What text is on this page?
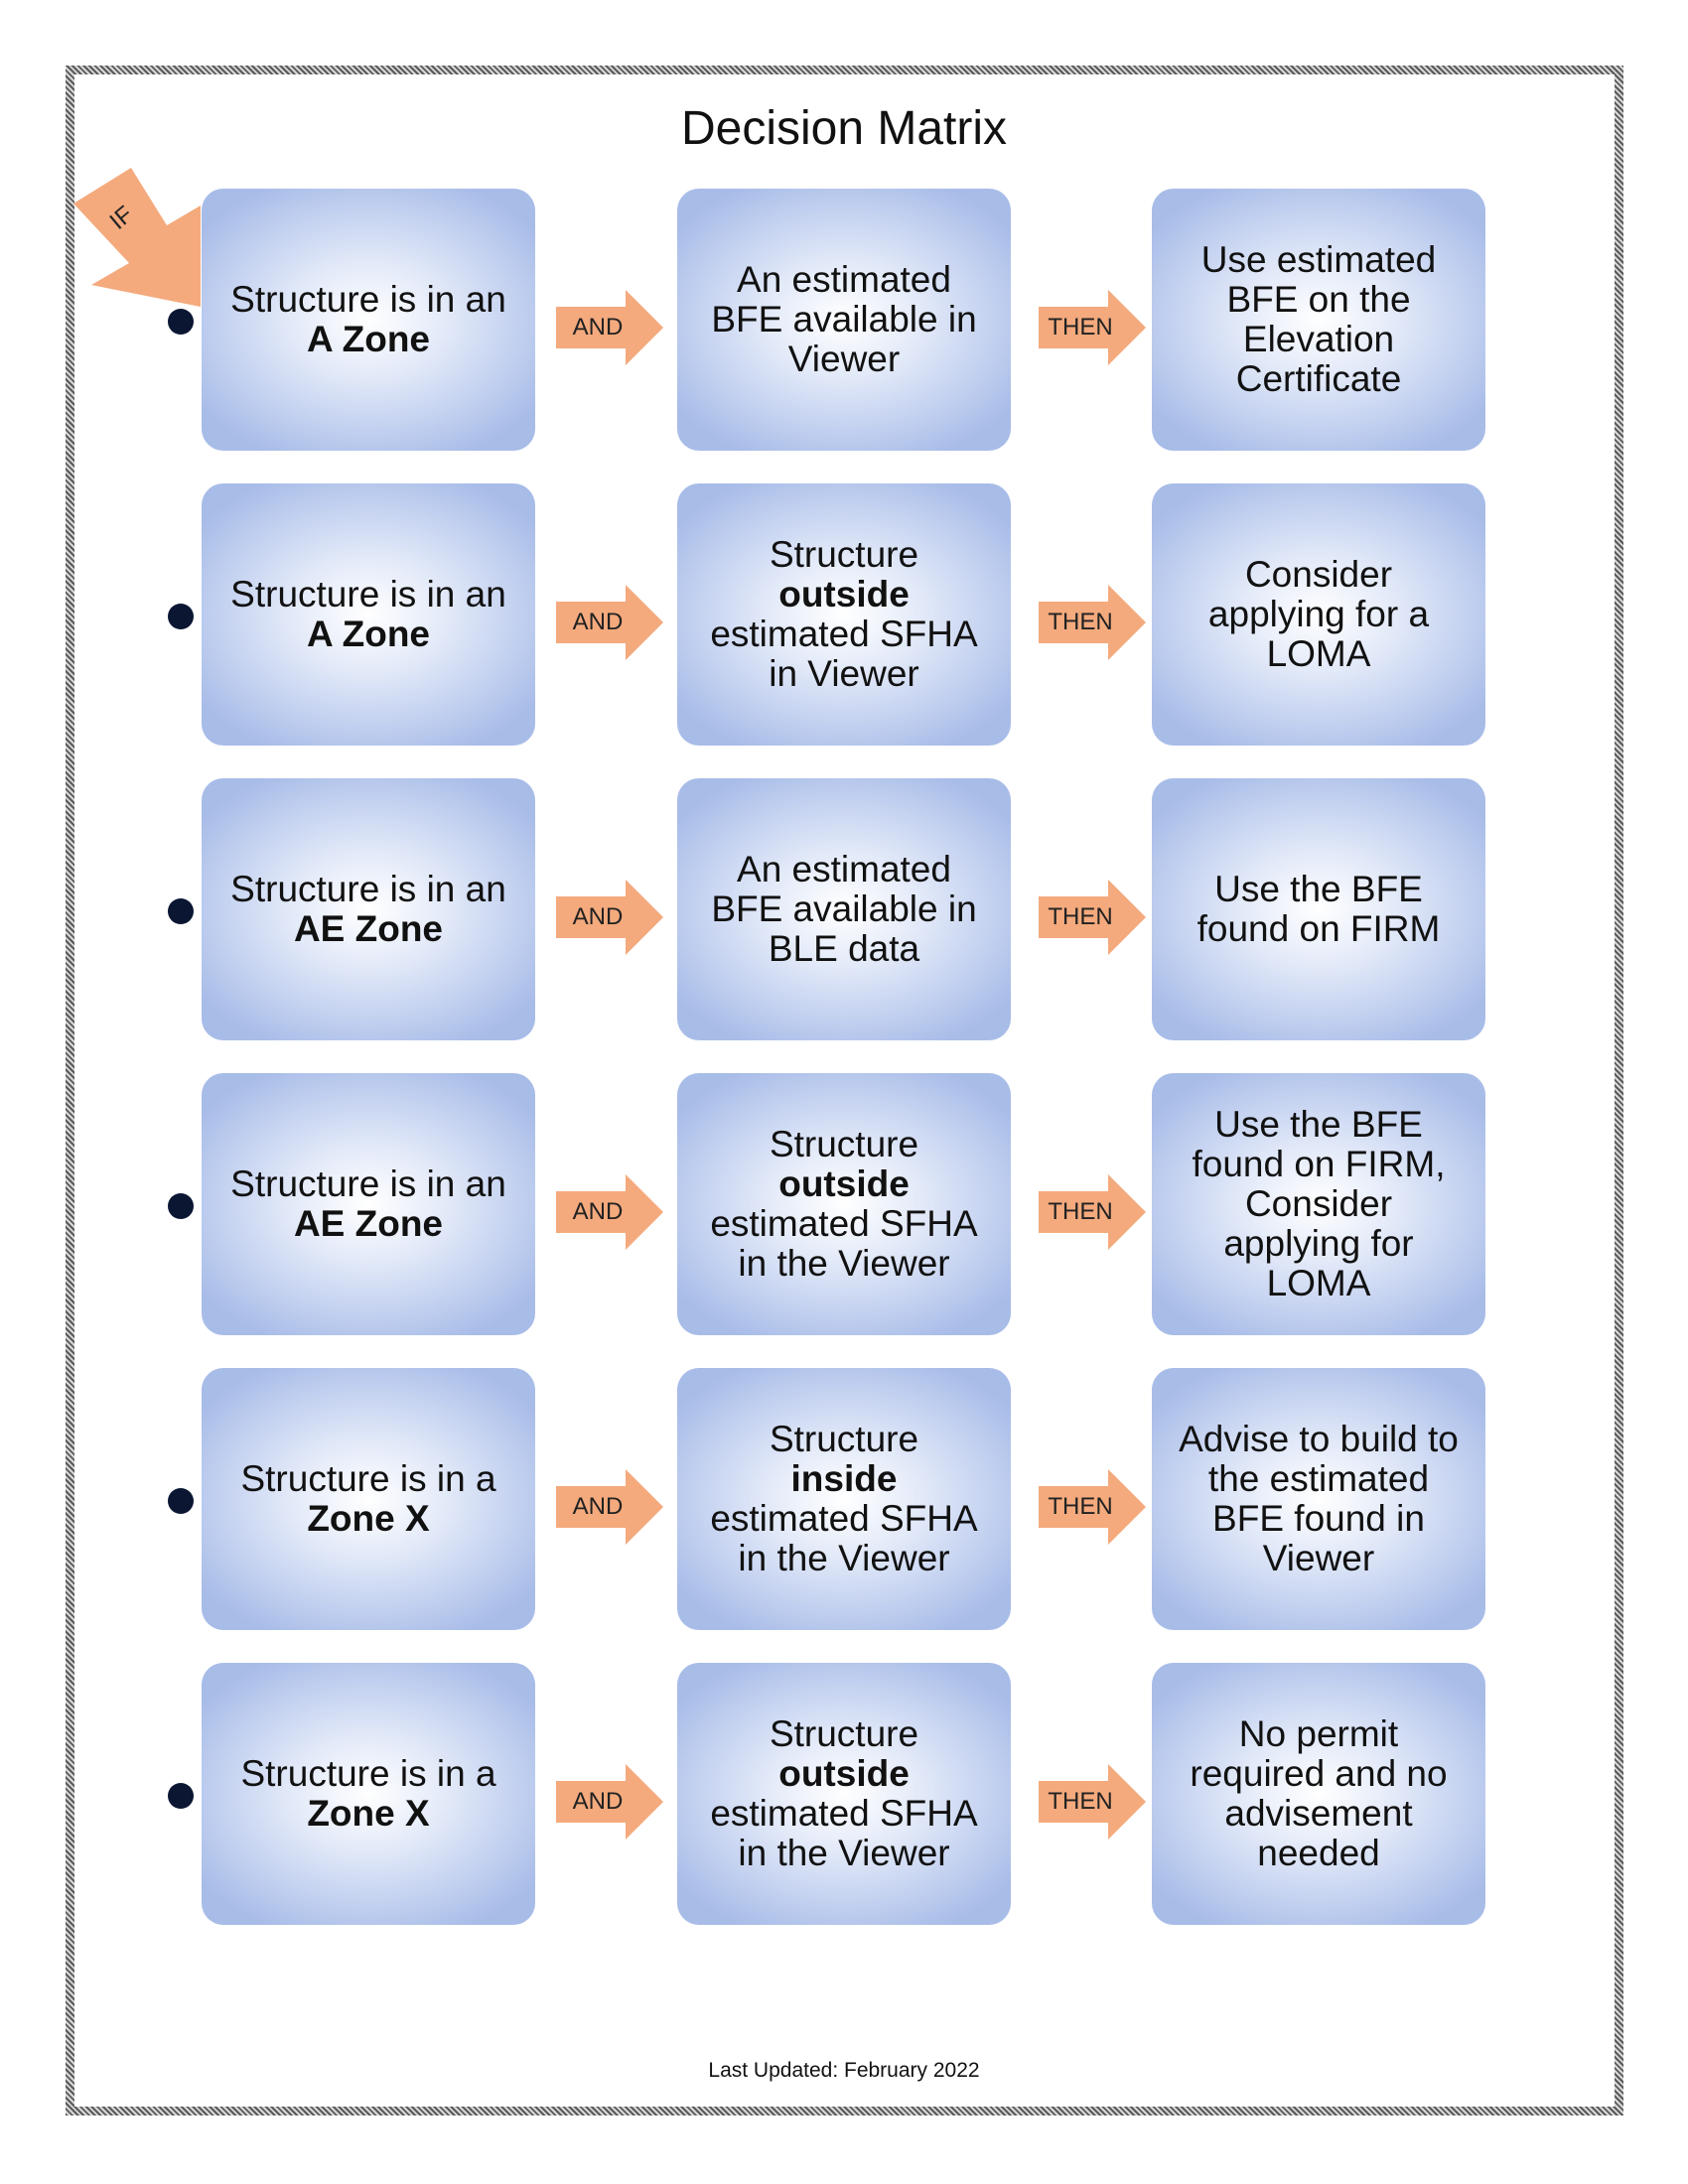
Decision Matrix
IF
Structure is in an
A Zone	AND
An estimated BFE available in Viewer
THEN
Use estimated BFE on the Elevation Certificate
Structure is in an
A Zone	AND
Structure
outside
estimated SFHA in Viewer
THEN
Consider applying for a LOMA
Structure is in an
AE Zone	AND
An estimated BFE available in BLE data
THEN
Use the BFE found on FIRM
Structure is in an
AE Zone	AND
Structure
outside
estimated SFHA in the Viewer
THEN
Use the BFE found on FIRM, Consider applying for LOMA
Structure is in a
Zone X	AND
Structure
inside
estimated SFHA in the Viewer
THEN
Advise to build to the estimated BFE found in Viewer
Structure is in a
Zone X	AND
Structure
outside
estimated SFHA in the Viewer
THEN
No permit required and no advisement needed
Last Updated: February 2022
